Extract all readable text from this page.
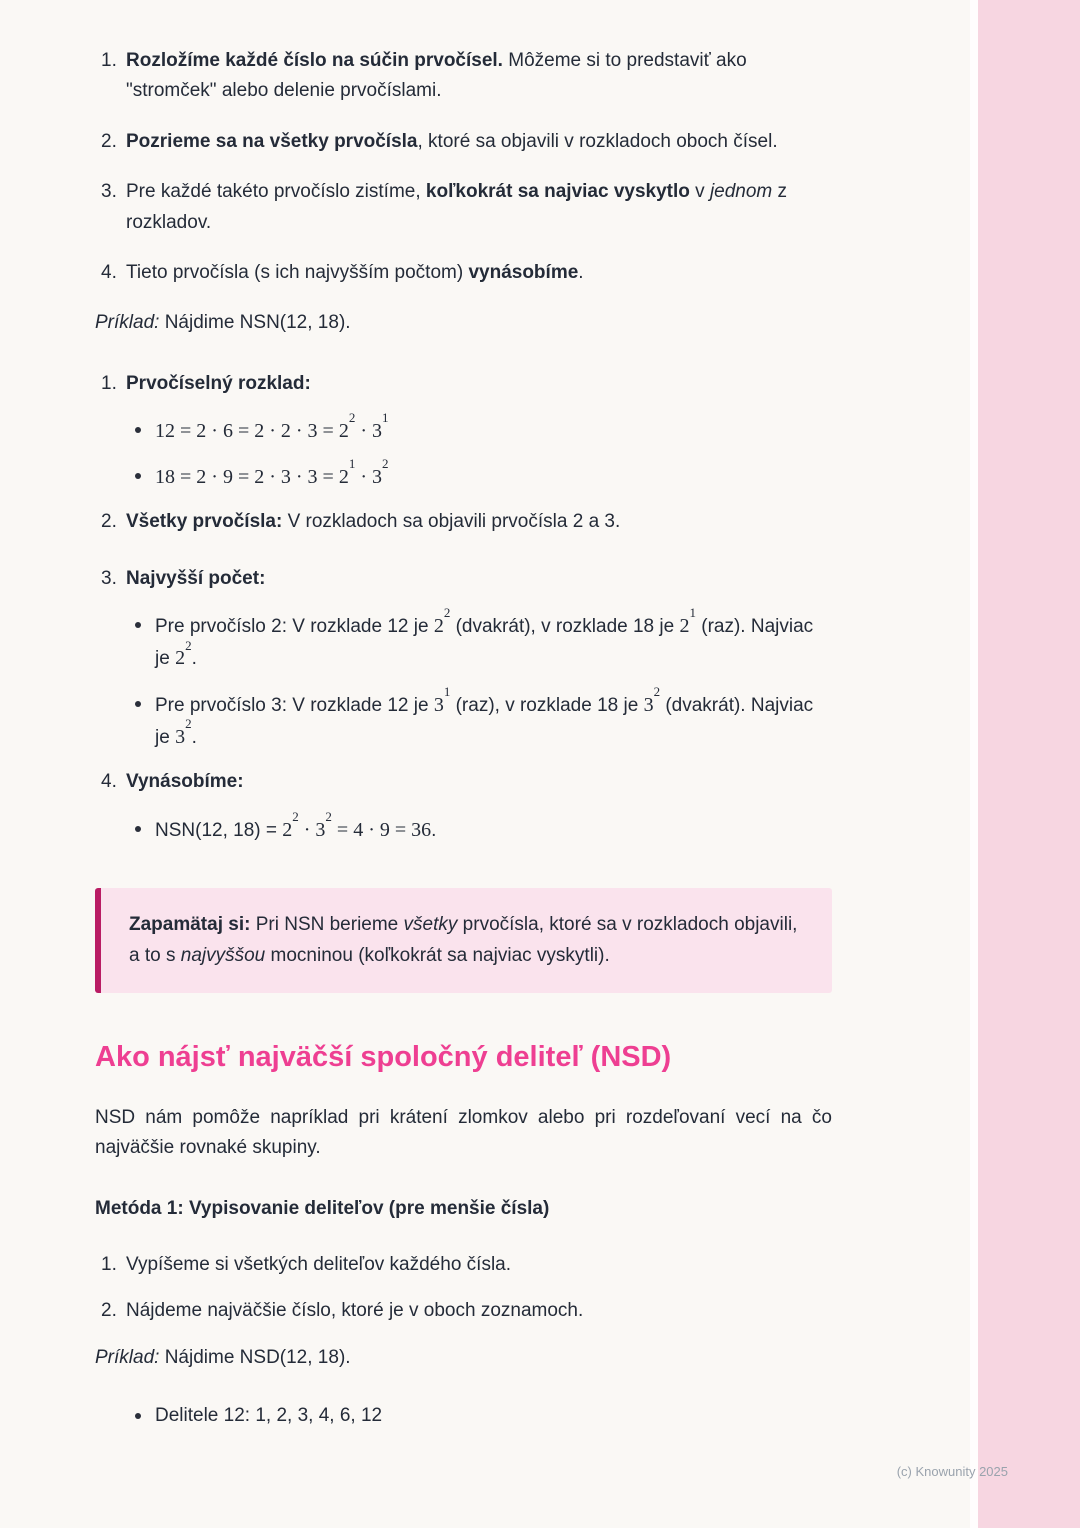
1. Rozložíme každé číslo na súčin prvočísel. Môžeme si to predstaviť ako "stromček" alebo delenie prvočíslami.
2. Pozrieme sa na všetky prvočísla, ktoré sa objavili v rozkladoch oboch čísel.
3. Pre každé takéto prvočíslo zistíme, koľkokrát sa najviac vyskytlo v jednom z rozkladov.
4. Tieto prvočísla (s ich najvyšším počtom) vynásobíme.

Príklad: Nájdime NSN(12, 18).

1. Prvočíselný rozklad:
$12 = 2 \cdot 6 = 2 \cdot 2 \cdot 3 = 2^2 \cdot 3^1$
$18 = 2 \cdot 9 = 2 \cdot 3 \cdot 3 = 2^1 \cdot 3^2$
2. Všetky prvočísla: V rozkladoch sa objavili prvočísla 2 a 3.
3. Najvyšší počet:
Pre prvočíslo 2: V rozklade 12 je $2^2$ (dvakrát), v rozklade 18 je $2^1$ (raz). Najviac je $2^2$.
Pre prvočíslo 3: V rozklade 12 je $3^1$ (raz), v rozklade 18 je $3^2$ (dvakrát). Najviac je $3^2$.
4. Vynásobíme:
NSN(12, $18) = 2^2 \cdot 3^2 = 4 \cdot 9 = 36$.

Zapamätaj si: Pri NSN berieme všetky prvočísla, ktoré sa v rozkladoch objavili, a to s najvyššou mocninou (koľkokrát sa najviac vyskytli).

Ako nájsť najväčší spoločný deliteľ (NSD)

NSD nám pomôže napríklad pri krátení zlomkov alebo pri rozdeľovaní vecí na čo najväčšie rovnaké skupiny.

Metóda 1: Vypisovanie deliteľov (pre menšie čísla)

1. Vypíšeme si všetkých deliteľov každého čísla.
2. Nájdeme najväčšie číslo, ktoré je v oboch zoznamoch.

Príklad: Nájdime NSD(12, 18).

Delitele 12: 1, 2, 3, 4, 6, 12
(c) Knowunity 2025
